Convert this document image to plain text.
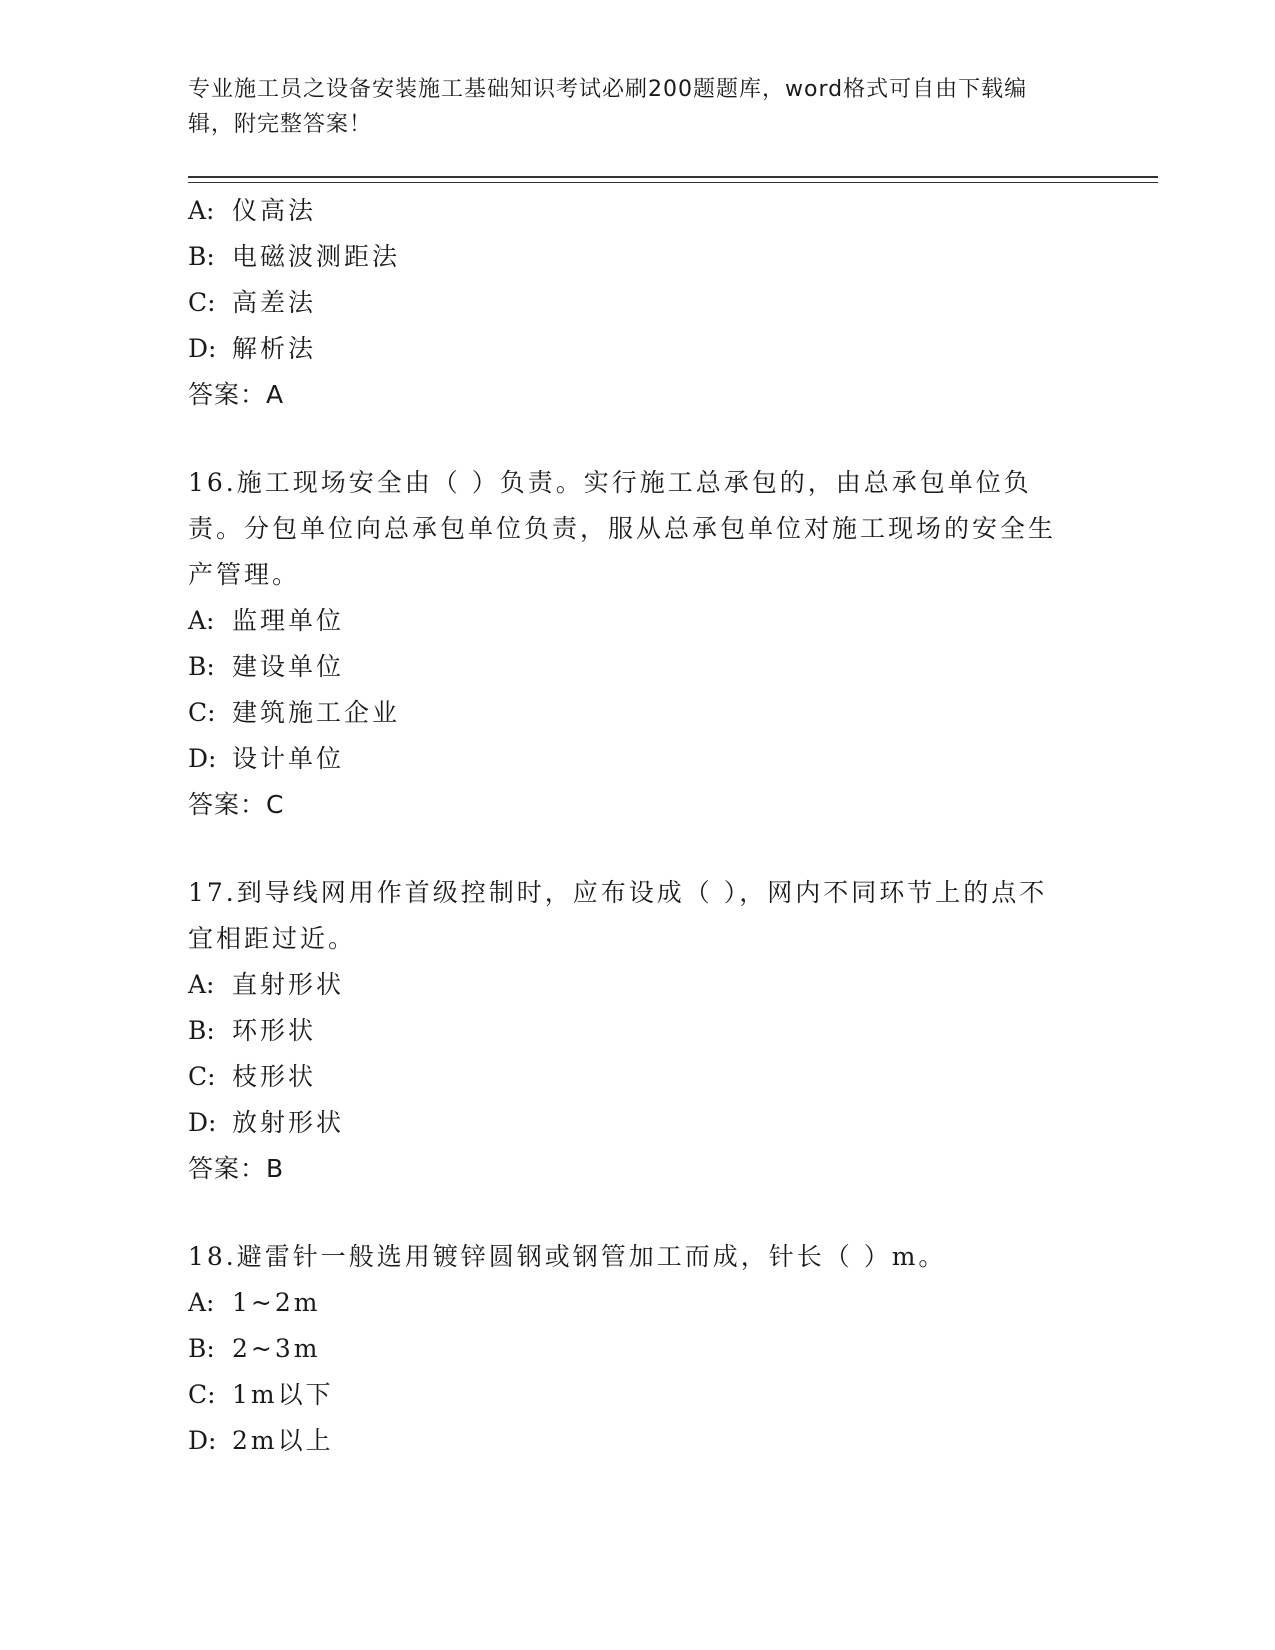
专业施工员之设备安装施工基础知识考试必刷200题题库，word格式可自由下载编辑，附完整答案！
A: 仪高法
B: 电磁波测距法
C: 高差法
D: 解析法
答案：A
16.施工现场安全由（ ）负责。实行施工总承包的，由总承包单位负责。分包单位向总承包单位负责，服从总承包单位对施工现场的安全生产管理。
A: 监理单位
B: 建设单位
C: 建筑施工企业
D: 设计单位
答案：C
17.到导线网用作首级控制时，应布设成（ ），网内不同环节上的点不宜相距过近。
A: 直射形状
B: 环形状
C: 枝形状
D: 放射形状
答案：B
18.避雷针一般选用镀锌圆钢或钢管加工而成，针长（ ）m。
A: 1~2m
B: 2~3m
C: 1m以下
D: 2m以上
